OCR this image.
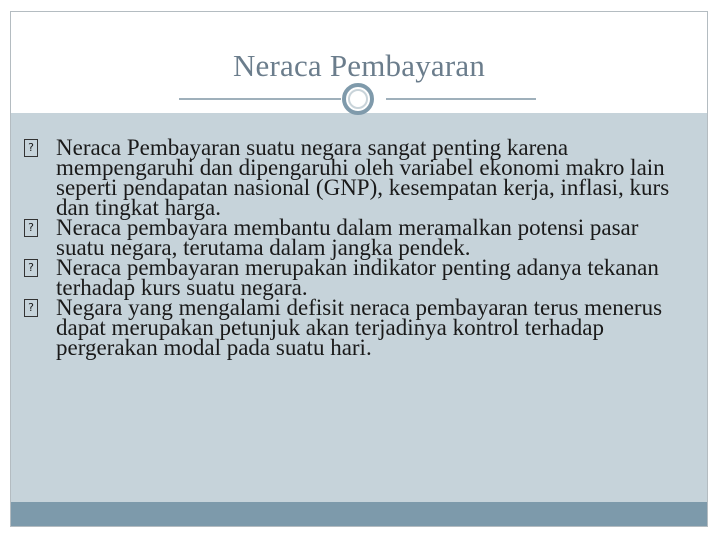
Neraca Pembayaran
? Neraca Pembayaran suatu negara sangat penting karena mempengaruhi dan dipengaruhi oleh variabel ekonomi makro lain seperti pendapatan nasional (GNP), kesempatan kerja, inflasi, kurs dan tingkat harga.
? Neraca pembayara membantu dalam meramalkan potensi pasar suatu negara, terutama dalam jangka pendek.
? Neraca pembayaran merupakan indikator penting adanya tekanan terhadap kurs suatu negara.
? Negara yang mengalami defisit neraca pembayaran terus menerus dapat merupakan petunjuk akan terjadinya kontrol terhadap pergerakan modal pada suatu hari.
